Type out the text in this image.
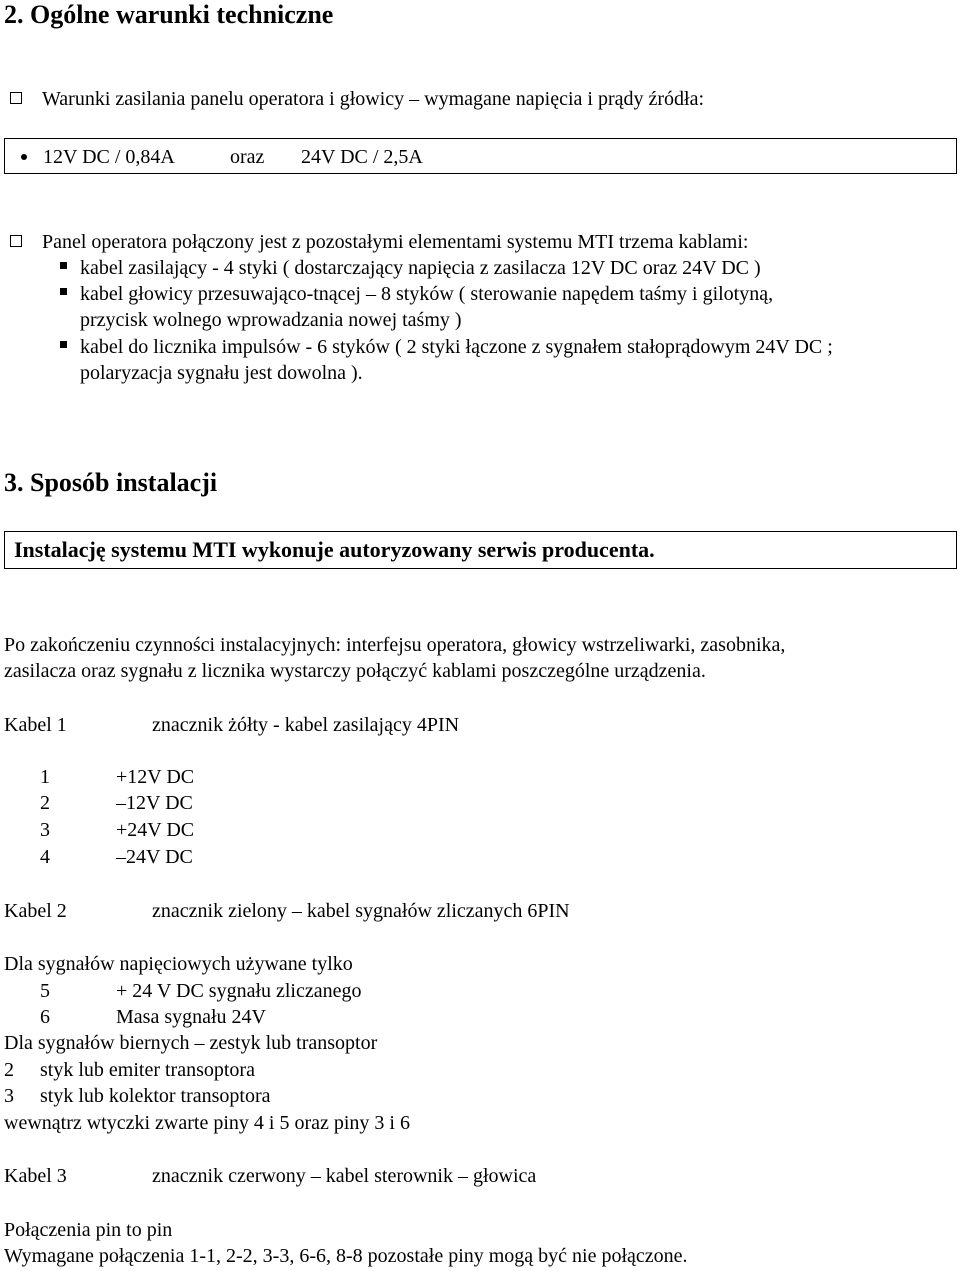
2. Ogólne warunki techniczne
Warunki zasilania panelu operatora i głowicy – wymagane napięcia i prądy źródła:
12V DC / 0,84A	oraz 24V DC / 2,5A
Panel operatora połączony jest z pozostałymi elementami systemu MTI trzema kablami:
kabel zasilający - 4 styki ( dostarczający napięcia z zasilacza 12V DC oraz 24V DC )
kabel głowicy przesuwająco-tnącej – 8 styków ( sterowanie napędem taśmy i gilotyną,
przycisk wolnego wprowadzania nowej taśmy )
kabel do licznika impulsów - 6 styków ( 2 styki łączone z sygnałem stałoprądowym 24V DC ;
polaryzacja sygnału jest dowolna ).
3. Sposób instalacji
Instalację systemu MTI wykonuje autoryzowany serwis producenta.
Po zakończeniu czynności instalacyjnych: interfejsu operatora, głowicy wstrzeliwarki, zasobnika,
zasilacza oraz sygnału z licznika wystarczy połączyć kablami poszczególne urządzenia.
Kabel 1	znacznik żółty - kabel zasilający 4PIN
1	+12V DC
2	–12V DC
3	+24V DC
4	–24V DC
Kabel 2	znacznik zielony – kabel sygnałów zliczanych 6PIN
Dla sygnałów napięciowych używane tylko
5	+ 24 V DC sygnału zliczanego
6	Masa sygnału 24V
Dla sygnałów biernych – zestyk lub transoptor
2 styk lub emiter transoptora
3 styk lub kolektor transoptora
wewnątrz wtyczki zwarte piny 4 i 5 oraz piny 3 i 6
Kabel 3	znacznik czerwony – kabel sterownik – głowica
Połączenia pin to pin
Wymagane połączenia 1-1, 2-2, 3-3, 6-6, 8-8 pozostałe piny mogą być nie połączone.
